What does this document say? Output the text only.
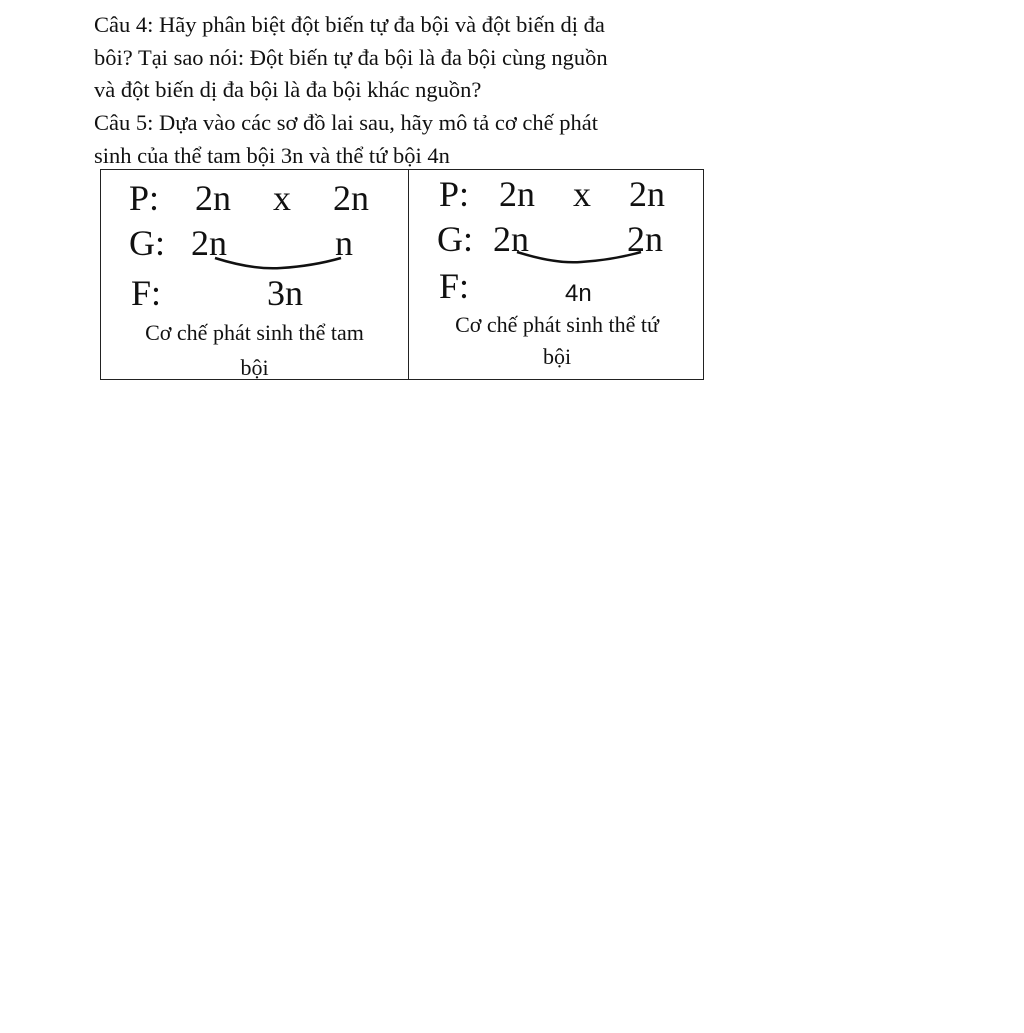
Câu 4: Hãy phân biệt đột biến tự đa bội và đột biến dị đa

bôi? Tại sao nói: Đột biến tự đa bội là đa bội cùng nguồn

và đột biến dị đa bội là đa bội khác nguồn?

Câu 5: Dựa vào các sơ đồ lai sau, hãy mô tả cơ chế phát

sinh của thể tam bội 3n và thể tứ bội 4n

P: 2n x 2n
G: 2n	n
F:	3n
Cơ chế phát sinh thể tam
bội
P: 2n x 2n
G: 2n	2n
F:	4n
Cơ chế phát sinh thể tứ
bội
